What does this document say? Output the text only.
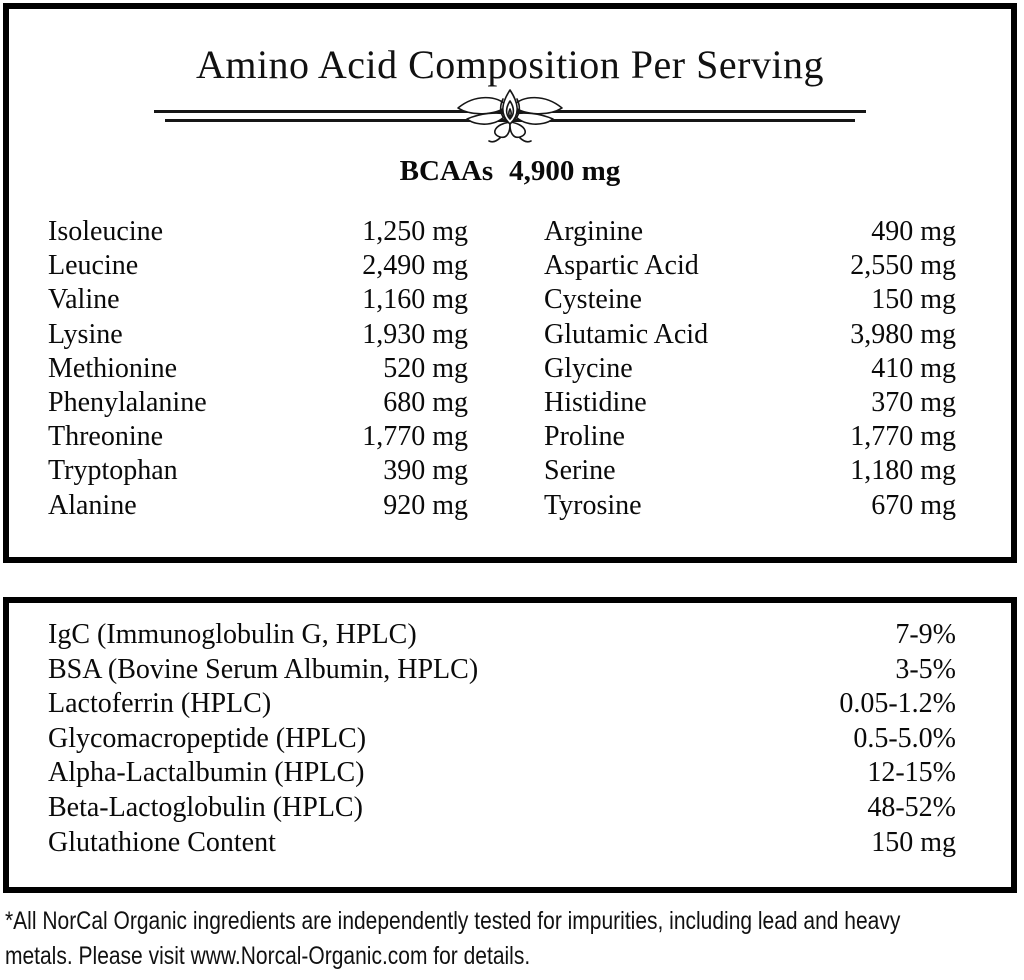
Amino Acid Composition Per Serving
BCAAs 4,900 mg
Isoleucine	1,250 mg
Leucine	2,490 mg
Valine	1,160 mg
Lysine	1,930 mg
Methionine	520 mg
Phenylalanine	680 mg
Threonine	1,770 mg
Tryptophan	390 mg
Alanine	920 mg
Arginine	490 mg
Aspartic Acid	2,550 mg
Cysteine	150 mg
Glutamic Acid	3,980 mg
Glycine	410 mg
Histidine	370 mg
Proline	1,770 mg
Serine	1,180 mg
Tyrosine	670 mg
IgC (Immunoglobulin G, HPLC)	7-9%
BSA (Bovine Serum Albumin, HPLC)	3-5%
Lactoferrin (HPLC)	0.05-1.2%
Glycomacropeptide (HPLC)	0.5-5.0%
Alpha-Lactalbumin (HPLC)	12-15%
Beta-Lactoglobulin (HPLC)	48-52%
Glutathione Content	150 mg
*All NorCal Organic ingredients are independently tested for impurities, including lead and heavy
metals. Please visit www.Norcal-Organic.com for details.
